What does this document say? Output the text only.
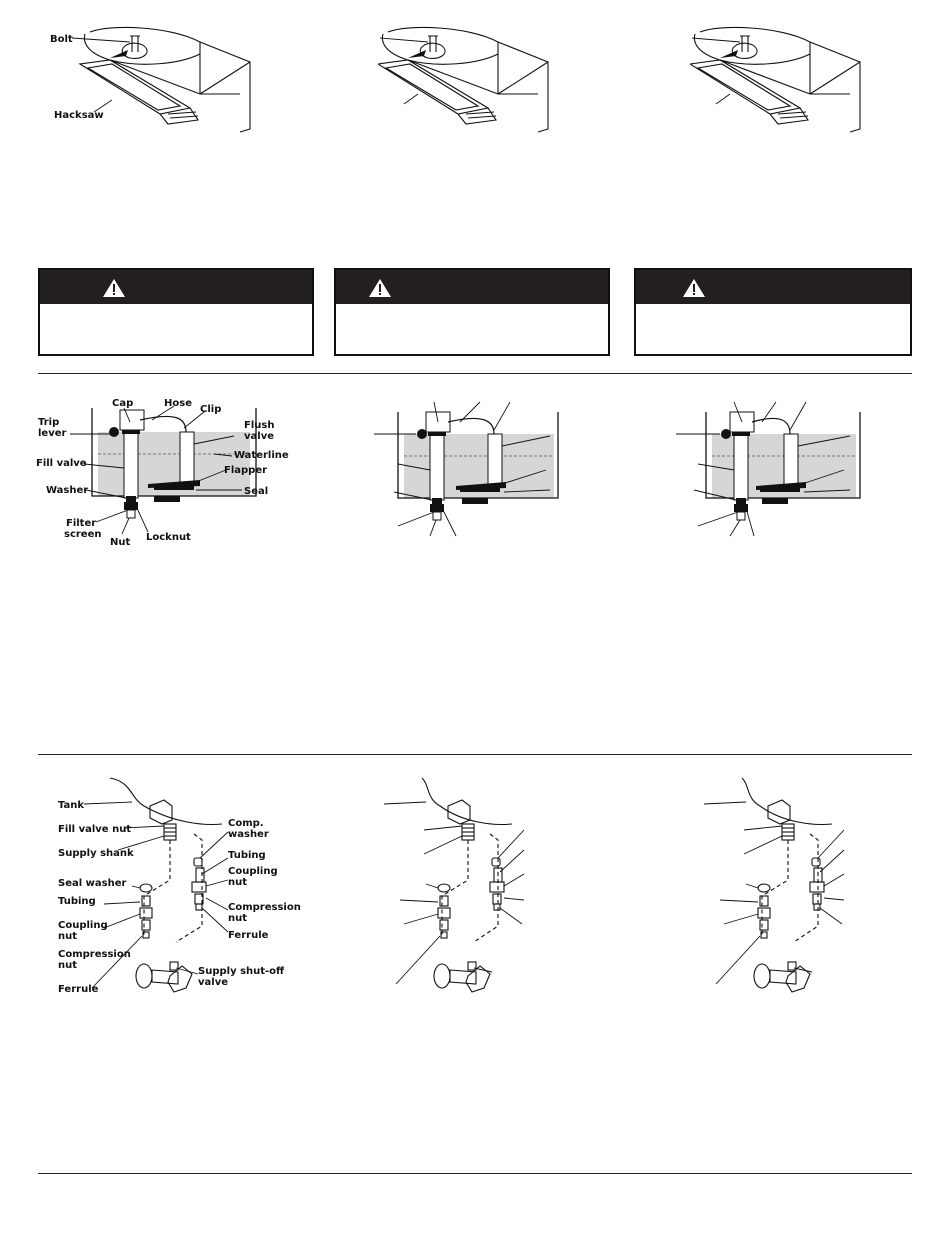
Bolt
Hacksaw
Cap	Hose
Clip
Trip
lever
Flush
valve
Fill valve
Waterline
Flapper
Washer	Seal
Filter
screen
Nut Locknut
Tank
Fill valve nut
Supply shank
Comp.
washer
Tubing
Coupling
nut
Seal washer
Tubing
Compression
nut
Coupling
nut	Ferrule
Compression
nut
Supply shut-off
valve
Ferrule
